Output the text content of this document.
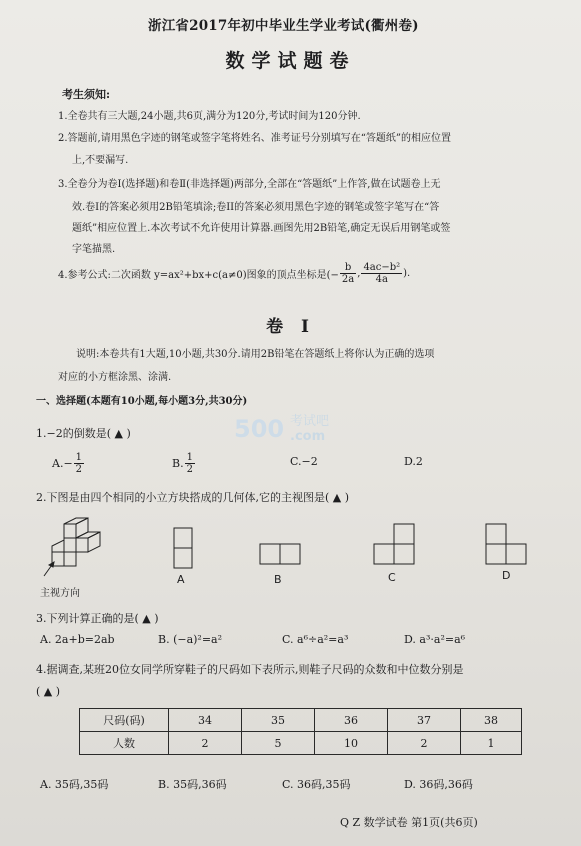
浙江省2017年初中毕业生学业考试(衢州卷)
数学试题卷
考生须知:
1.全卷共有三大题,24小题,共6页,满分为120分,考试时间为120分钟.
2.答题前,请用黑色字迹的钢笔或签字笔将姓名、准考证号分别填写在“答题纸”的相应位置
上,不要漏写.
3.全卷分为卷Ⅰ(选择题)和卷Ⅱ(非选择题)两部分,全部在“答题纸”上作答,做在试题卷上无
效.卷Ⅰ的答案必须用2B铅笔填涂;卷II的答案必须用黑色字迹的钢笔或签字笔写在“答
题纸”相应位置上.本次考试不允许使用计算器.画图先用2B铅笔,确定无误后用钢笔或签
字笔描黑.
4.参考公式:二次函数 y=ax²+bx+c(a≠0)图象的顶点坐标是(− $\frac{b}{2a}$ , $\frac{\text{4ac−b²}}{4a}$ ).
卷 Ⅰ
说明:本卷共有1大题,10小题,共30分.请用2B铅笔在答题纸上将你认为正确的选项
对应的小方框涂黑、涂满.
一、选择题(本题有10小题,每小题3分,共30分)
500 考试吧
.com
1.−2的倒数是( ▲ )
$A.- \frac{1}{2}$	B. $\frac{1}{2}$	C.−2	D.2
2.下图是由四个相同的小立方块搭成的几何体,它的主视图是( ▲ )
主视方向
A	B	C	D
3.下列计算正确的是( ▲ )
A. 2a+b=2ab	B. (−a)²=a²	C. a⁶÷a²=a³	D. a³·a²=a⁶
4.据调查,某班20位女同学所穿鞋子的尺码如下表所示,则鞋子尺码的众数和中位数分别是
( ▲ )
尺码(码)	34	35	36	37	38
人数	2	5	10	2	1
A. 35码,35码	B. 35码,36码	C. 36码,35码	D. 36码,36码
Q Z 数学试卷 第1页(共6页)
